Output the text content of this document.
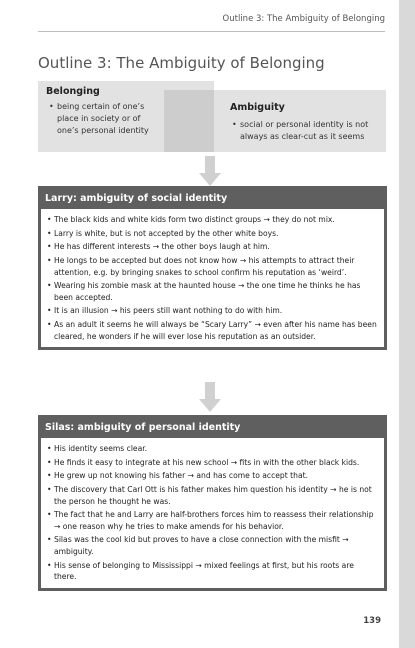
Outline 3: The Ambiguity of Belonging
Outline 3: The Ambiguity of Belonging
Belonging
• being certain of one’s
place in society or of
one’s personal identity
Ambiguity
• social or personal identity is not
always as clear-cut as it seems
Larry: ambiguity of social identity
• The black kids and white kids form two distinct groups → they do not mix.
• Larry is white, but is not accepted by the other white boys.
• He has different interests → the other boys laugh at him.
• He longs to be accepted but does not know how → his attempts to attract their attention, e.g. by bringing snakes to school confirm his reputation as ‘weird’.
• Wearing his zombie mask at the haunted house → the one time he thinks he has been accepted.
• It is an illusion → his peers still want nothing to do with him.
• As an adult it seems he will always be “Scary Larry” → even after his name has been cleared, he wonders if he will ever lose his reputation as an outsider.
Silas: ambiguity of personal identity
• His identity seems clear.
• He finds it easy to integrate at his new school → fits in with the other black kids.
• He grew up not knowing his father → and has come to accept that.
• The discovery that Carl Ott is his father makes him question his identity → he is not the person he thought he was.
• The fact that he and Larry are half-brothers forces him to reassess their relationship → one reason why he tries to make amends for his behavior.
• Silas was the cool kid but proves to have a close connection with the misfit → ambiguity.
• His sense of belonging to Mississippi → mixed feelings at first, but his roots are there.
139
